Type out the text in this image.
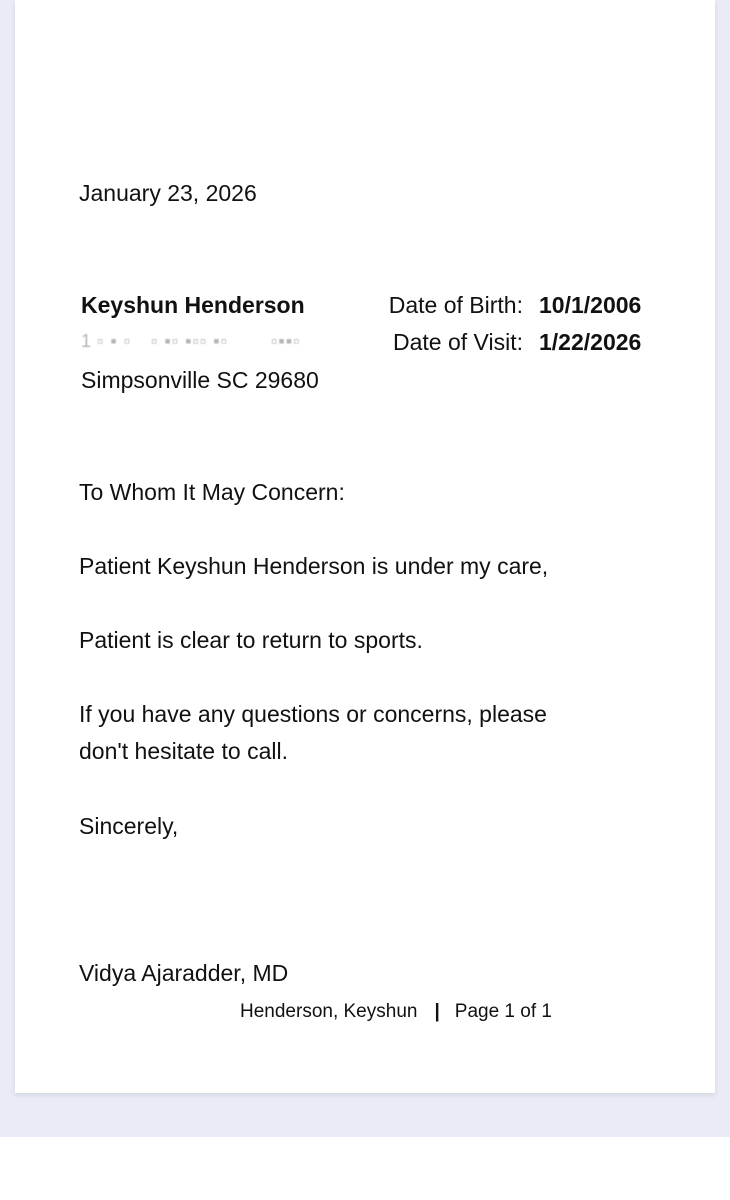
January 23, 2026
Keyshun Henderson
1 ▫ ▪ ▫ ▫ ▪▫ ▪▫▫ ▪▫ ▫▪▪▫
Simpsonville SC 29680
Date of Birth: 10/1/2006
Date of Visit: 1/22/2026
To Whom It May Concern:
Patient Keyshun Henderson is under my care,
Patient is clear to return to sports.
If you have any questions or concerns, please
don't hesitate to call.
Sincerely,
Vidya Ajaradder, MD
Henderson, Keyshun | Page 1 of 1
